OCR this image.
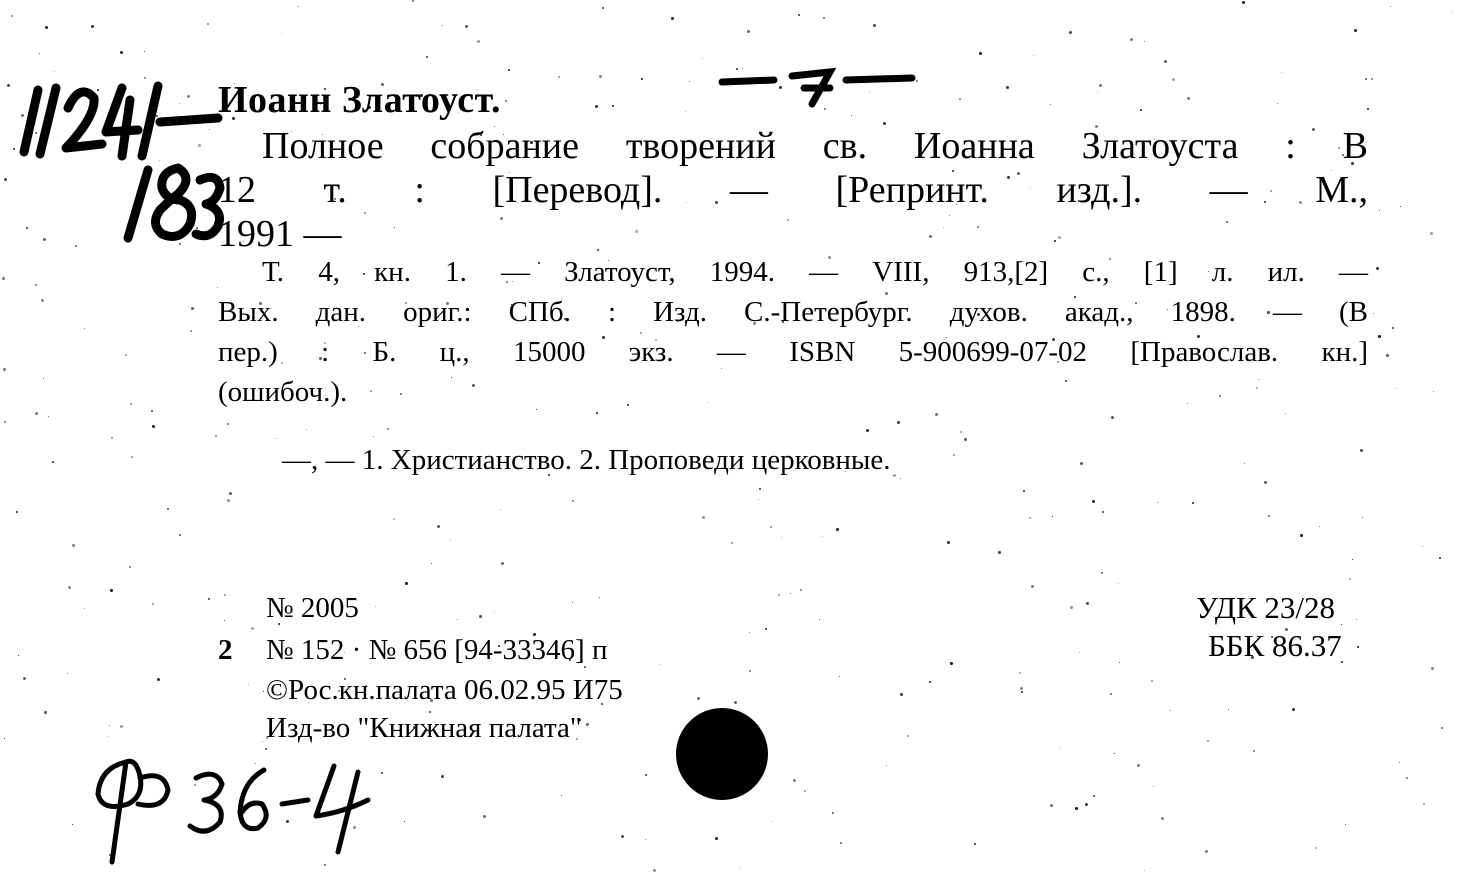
Иоанн Златоуст.
Полное собрание творений св. Иоанна Златоуста : В
12 т. : [Перевод]. — [Репринт. изд.]. — М.,
1991 —
Т. 4, кн. 1. — Златоуст, 1994. — VIII, 913,[2] с., [1] л. ил. —
Вых. дан. ориг.: СПб. : Изд. С.-Петербург. духов. акад., 1898. — (В
пер.) : Б. ц., 15000 экз. — ISBN 5-900699-07-02 [Православ. кн.]
(ошибоч.).
—, — 1. Христианство. 2. Проповеди церковные.
№ 2005
2 № 152 · № 656 [94-33346] п
©Рос.кн.палата 06.02.95 И75
Изд-во "Книжная палата"
УДК 23/28
ББК 86.37
